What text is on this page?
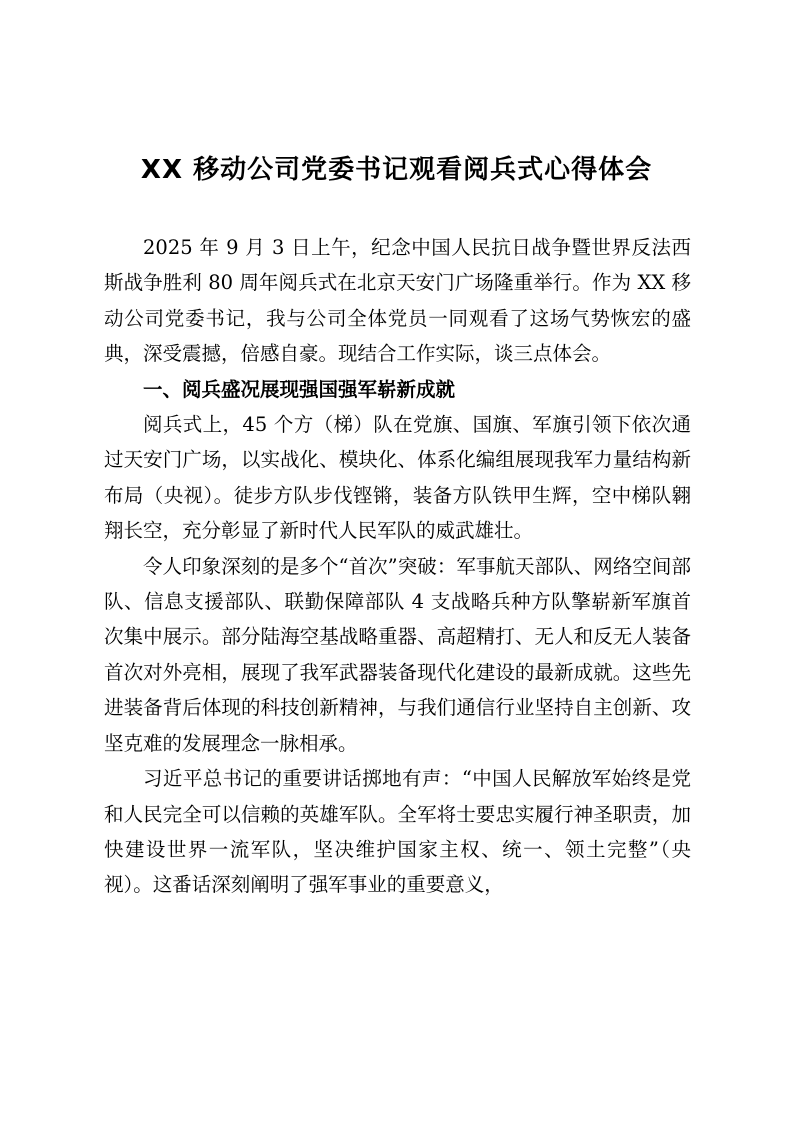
XX 移动公司党委书记观看阅兵式心得体会

2025 年 9 月 3 日上午，纪念中国人民抗日战争暨世界反法西斯战争胜利 80 周年阅兵式在北京天安门广场隆重举行。作为 XX 移动公司党委书记，我与公司全体党员一同观看了这场气势恢宏的盛典，深受震撼，倍感自豪。现结合工作实际，谈三点体会。

一、阅兵盛况展现强国强军崭新成就

阅兵式上，45 个方（梯）队在党旗、国旗、军旗引领下依次通过天安门广场，以实战化、模块化、体系化编组展现我军力量结构新布局（央视）。徒步方队步伐铿锵，装备方队铁甲生辉，空中梯队翱翔长空，充分彰显了新时代人民军队的威武雄壮。

令人印象深刻的是多个“首次”突破：军事航天部队、网络空间部队、信息支援部队、联勤保障部队 4 支战略兵种方队擎崭新军旗首次集中展示。部分陆海空基战略重器、高超精打、无人和反无人装备首次对外亮相，展现了我军武器装备现代化建设的最新成就。这些先进装备背后体现的科技创新精神，与我们通信行业坚持自主创新、攻坚克难的发展理念一脉相承。

习近平总书记的重要讲话掷地有声：“中国人民解放军始终是党和人民完全可以信赖的英雄军队。全军将士要忠实履行神圣职责，加快建设世界一流军队，坚决维护国家主权、统一、领土完整”（央视）。这番话深刻阐明了强军事业的重要意义，
